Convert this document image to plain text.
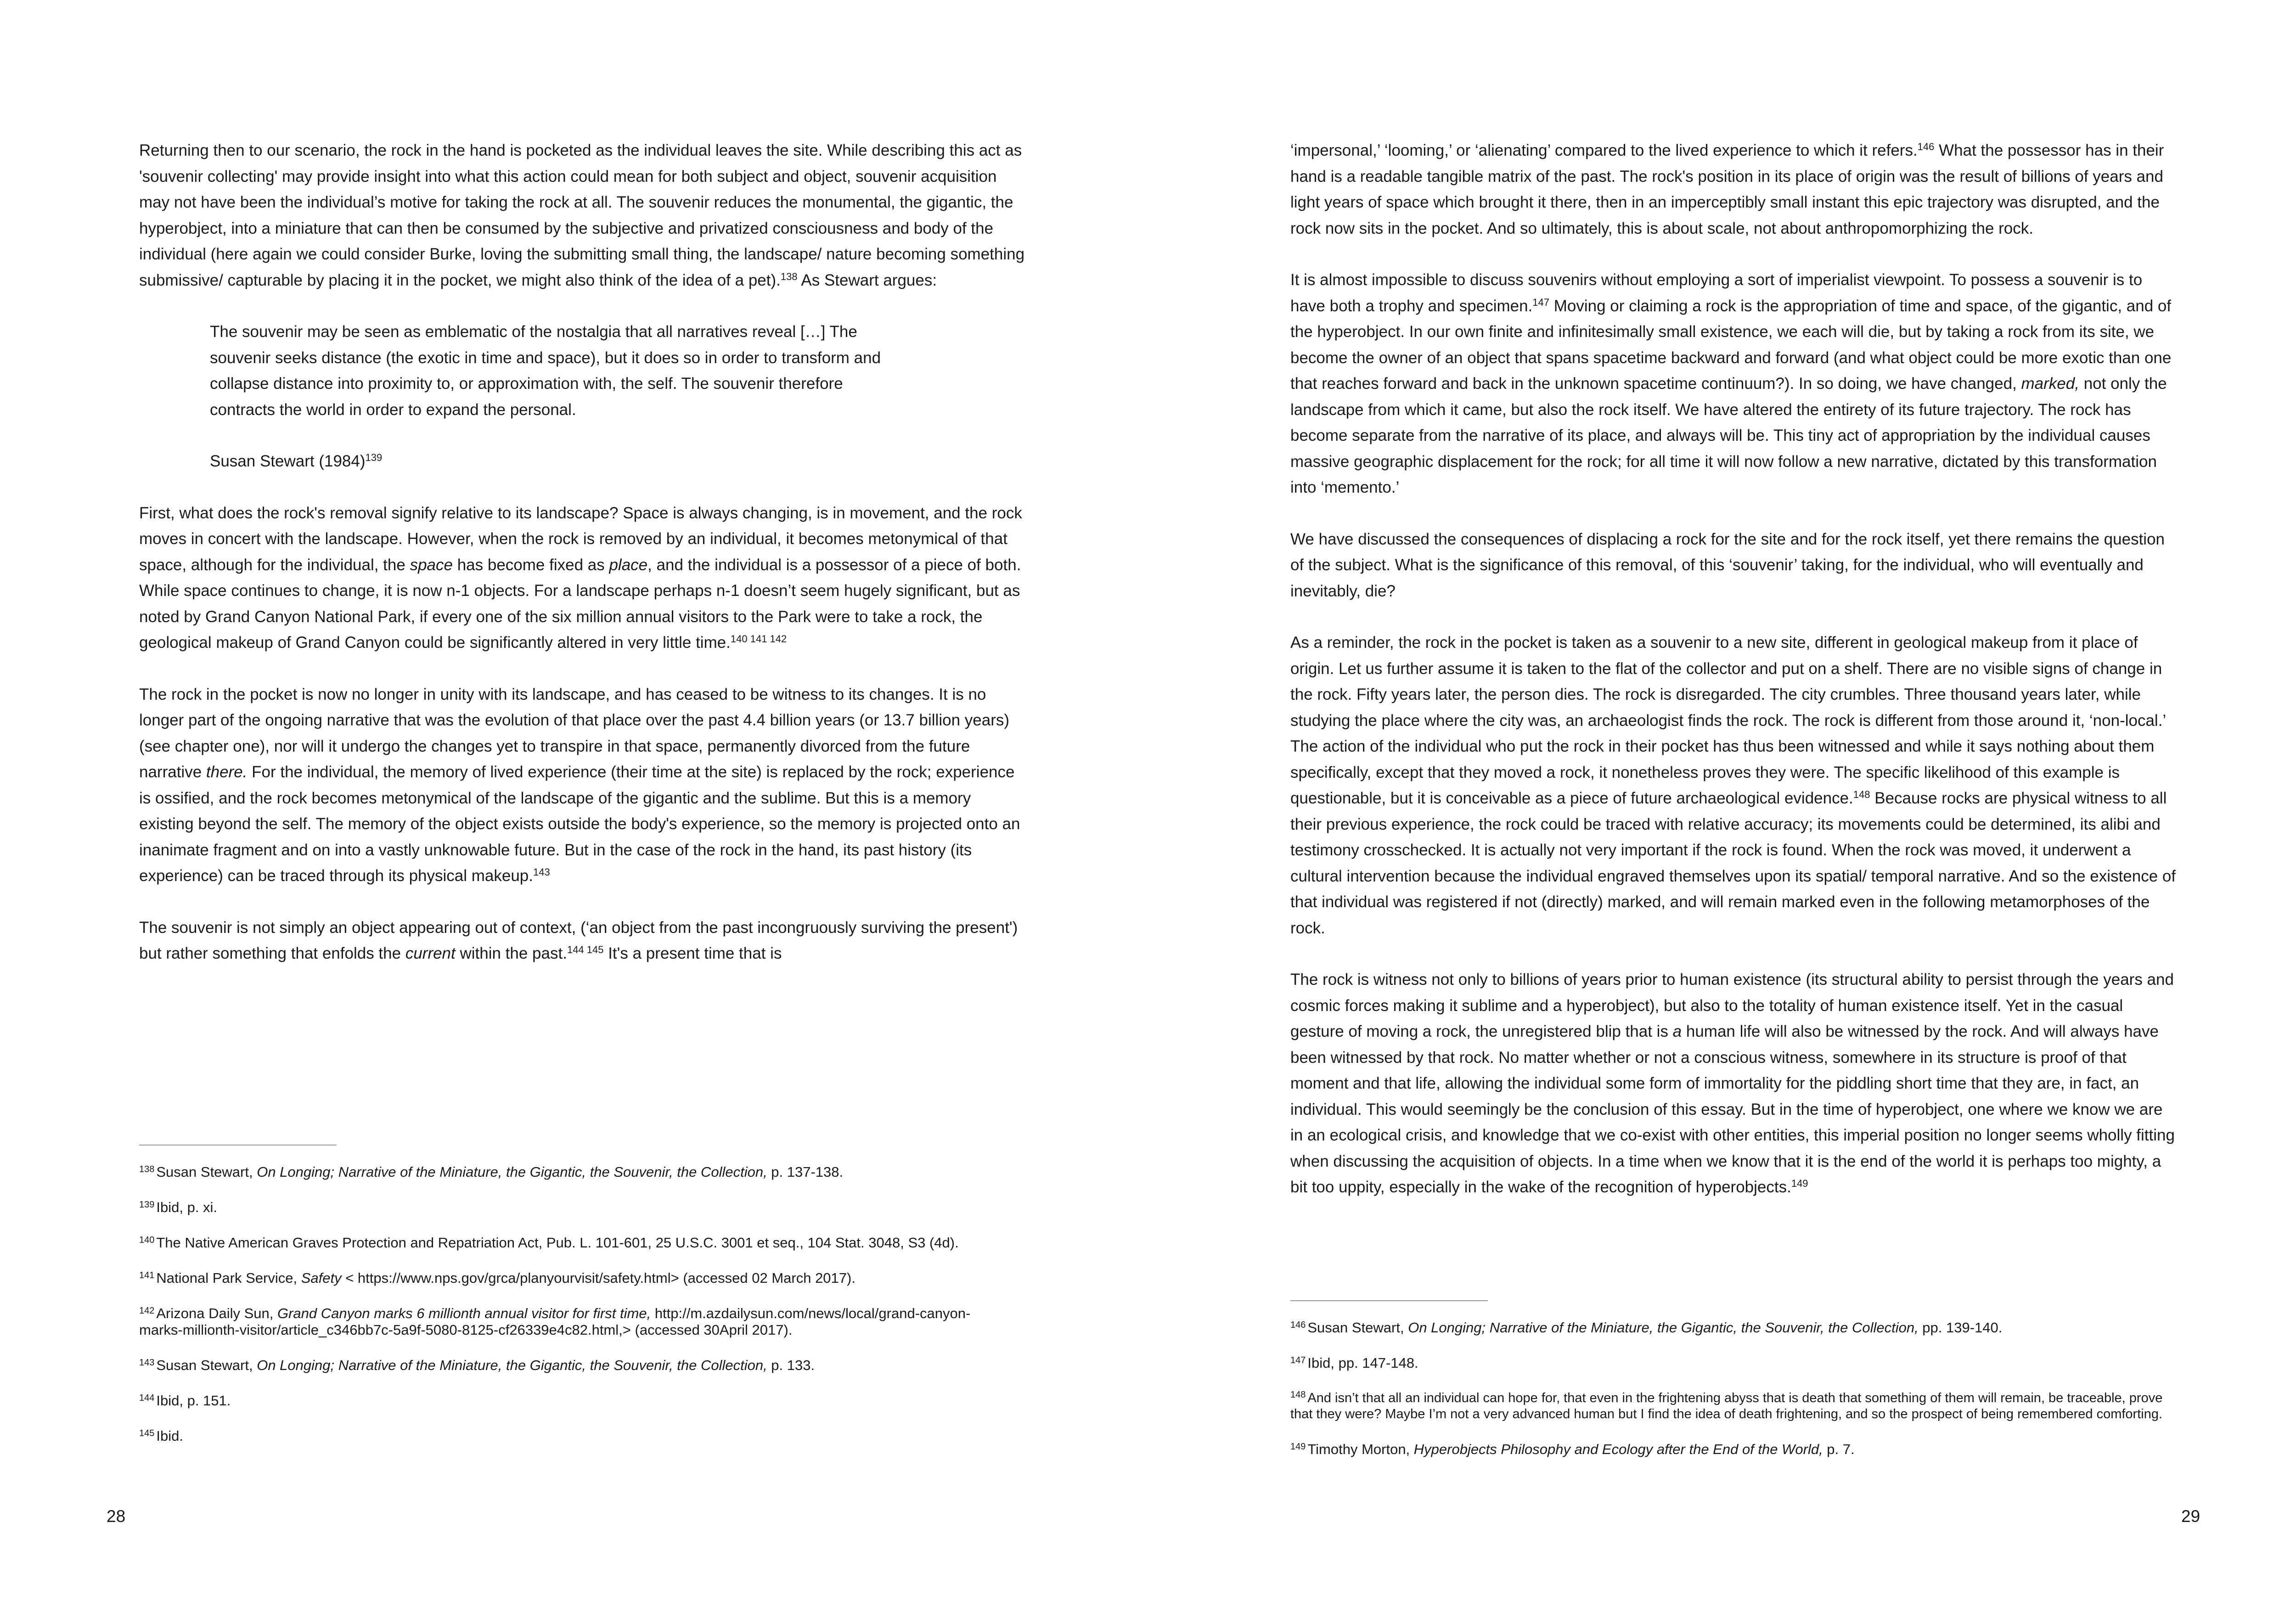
Returning then to our scenario, the rock in the hand is pocketed as the individual leaves the site. While describing this act as 'souvenir collecting' may provide insight into what this action could mean for both subject and object, souvenir acquisition may not have been the individual’s motive for taking the rock at all. The souvenir reduces the monumental, the gigantic, the hyperobject, into a miniature that can then be consumed by the subjective and privatized consciousness and body of the individual (here again we could consider Burke, loving the submitting small thing, the landscape/ nature becoming something submissive/ capturable by placing it in the pocket, we might also think of the idea of a pet).$^{138}$ As Stewart argues:

The souvenir may be seen as emblematic of the nostalgia that all narratives reveal […] The souvenir seeks distance (the exotic in time and space), but it does so in order to transform and collapse distance into proximity to, or approximation with, the self. The souvenir therefore contracts the world in order to expand the personal.

Susan Stewart $(1984)^{139}$

First, what does the rock's removal signify relative to its landscape? Space is always changing, is in movement, and the rock moves in concert with the landscape. However, when the rock is removed by an individual, it becomes metonymical of that space, although for the individual, the space has become fixed as place, and the individual is a possessor of a piece of both. While space continues to change, it is now n-1 objects. For a landscape perhaps n-1 doesn’t seem hugely significant, but as noted by Grand Canyon National Park, if every one of the six million annual visitors to the Park were to take a rock, the geological makeup of Grand Canyon could be significantly altered in very little time.$^{140 141 142}$

The rock in the pocket is now no longer in unity with its landscape, and has ceased to be witness to its changes. It is no longer part of the ongoing narrative that was the evolution of that place over the past 4.4 billion years (or 13.7 billion years) (see chapter one), nor will it undergo the changes yet to transpire in that space, permanently divorced from the future narrative there. For the individual, the memory of lived experience (their time at the site) is replaced by the rock; experience is ossified, and the rock becomes metonymical of the landscape of the gigantic and the sublime. But this is a memory existing beyond the self. The memory of the object exists outside the body's experience, so the memory is projected onto an inanimate fragment and on into a vastly unknowable future. But in the case of the rock in the hand, its past history (its experience) can be traced through its physical makeup.$^{143}$

The souvenir is not simply an object appearing out of context, (‘an object from the past incongruously surviving the present') but rather something that enfolds the current within the past.$^{144 145}$ It's a present time that is

$^{138}$ Susan Stewart, On Longing; Narrative of the Miniature, the Gigantic, the Souvenir, the Collection, p. 137-138.
$^{139}$ Ibid, p. xi.
$^{140}$ The Native American Graves Protection and Repatriation Act, Pub. L. 101-601, 25 U.S.C. 3001 et seq., 104 Stat. 3048, S3 (4d).
$^{141}$ National Park Service, Safety < https://www.nps.gov/grca/planyourvisit/safety.html> (accessed 02 March 2017).
$^{142}$ Arizona Daily Sun, Grand Canyon marks 6 millionth annual visitor for first time, http://m.azdailysun.com/news/local/grand-canyon-marks-millionth-visitor/article_c346bb7c-5a9f-5080-8125-cf26339e4c82.html,> (accessed 30April 2017).
$^{143}$ Susan Stewart, On Longing; Narrative of the Miniature, the Gigantic, the Souvenir, the Collection, p. 133.
$^{144}$ Ibid, p. 151.
$^{145}$ Ibid.
28

‘impersonal,’ ‘looming,’ or ‘alienating’ compared to the lived experience to which it refers.$^{146}$ What the possessor has in their hand is a readable tangible matrix of the past. The rock's position in its place of origin was the result of billions of years and light years of space which brought it there, then in an imperceptibly small instant this epic trajectory was disrupted, and the rock now sits in the pocket. And so ultimately, this is about scale, not about anthropomorphizing the rock.

It is almost impossible to discuss souvenirs without employing a sort of imperialist viewpoint. To possess a souvenir is to have both a trophy and specimen.$^{147}$ Moving or claiming a rock is the appropriation of time and space, of the gigantic, and of the hyperobject. In our own finite and infinitesimally small existence, we each will die, but by taking a rock from its site, we become the owner of an object that spans spacetime backward and forward (and what object could be more exotic than one that reaches forward and back in the unknown spacetime continuum?). In so doing, we have changed, marked, not only the landscape from which it came, but also the rock itself. We have altered the entirety of its future trajectory. The rock has become separate from the narrative of its place, and always will be. This tiny act of appropriation by the individual causes massive geographic displacement for the rock; for all time it will now follow a new narrative, dictated by this transformation into ‘memento.’

We have discussed the consequences of displacing a rock for the site and for the rock itself, yet there remains the question of the subject. What is the significance of this removal, of this ‘souvenir’ taking, for the individual, who will eventually and inevitably, die?

As a reminder, the rock in the pocket is taken as a souvenir to a new site, different in geological makeup from it place of origin. Let us further assume it is taken to the flat of the collector and put on a shelf. There are no visible signs of change in the rock. Fifty years later, the person dies. The rock is disregarded. The city crumbles. Three thousand years later, while studying the place where the city was, an archaeologist finds the rock. The rock is different from those around it, ‘non-local.’ The action of the individual who put the rock in their pocket has thus been witnessed and while it says nothing about them specifically, except that they moved a rock, it nonetheless proves they were. The specific likelihood of this example is questionable, but it is conceivable as a piece of future archaeological evidence.$^{148}$ Because rocks are physical witness to all their previous experience, the rock could be traced with relative accuracy; its movements could be determined, its alibi and testimony crosschecked. It is actually not very important if the rock is found. When the rock was moved, it underwent a cultural intervention because the individual engraved themselves upon its spatial/ temporal narrative. And so the existence of that individual was registered if not (directly) marked, and will remain marked even in the following metamorphoses of the rock.

The rock is witness not only to billions of years prior to human existence (its structural ability to persist through the years and cosmic forces making it sublime and a hyperobject), but also to the totality of human existence itself. Yet in the casual gesture of moving a rock, the unregistered blip that is a human life will also be witnessed by the rock. And will always have been witnessed by that rock. No matter whether or not a conscious witness, somewhere in its structure is proof of that moment and that life, allowing the individual some form of immortality for the piddling short time that they are, in fact, an individual. This would seemingly be the conclusion of this essay. But in the time of hyperobject, one where we know we are in an ecological crisis, and knowledge that we co-exist with other entities, this imperial position no longer seems wholly fitting when discussing the acquisition of objects. In a time when we know that it is the end of the world it is perhaps too mighty, a bit too uppity, especially in the wake of the recognition of hyperobjects.$^{149}$

$^{146}$ Susan Stewart, On Longing; Narrative of the Miniature, the Gigantic, the Souvenir, the Collection, pp. 139-140.
$^{147}$ Ibid, pp. 147-148.
$^{148}$ And isn’t that all an individual can hope for, that even in the frightening abyss that is death that something of them will remain, be traceable, prove that they were? Maybe I’m not a very advanced human but I find the idea of death frightening, and so the prospect of being remembered comforting.
$^{149}$ Timothy Morton, Hyperobjects Philosophy and Ecology after the End of the World, p. 7.
29
